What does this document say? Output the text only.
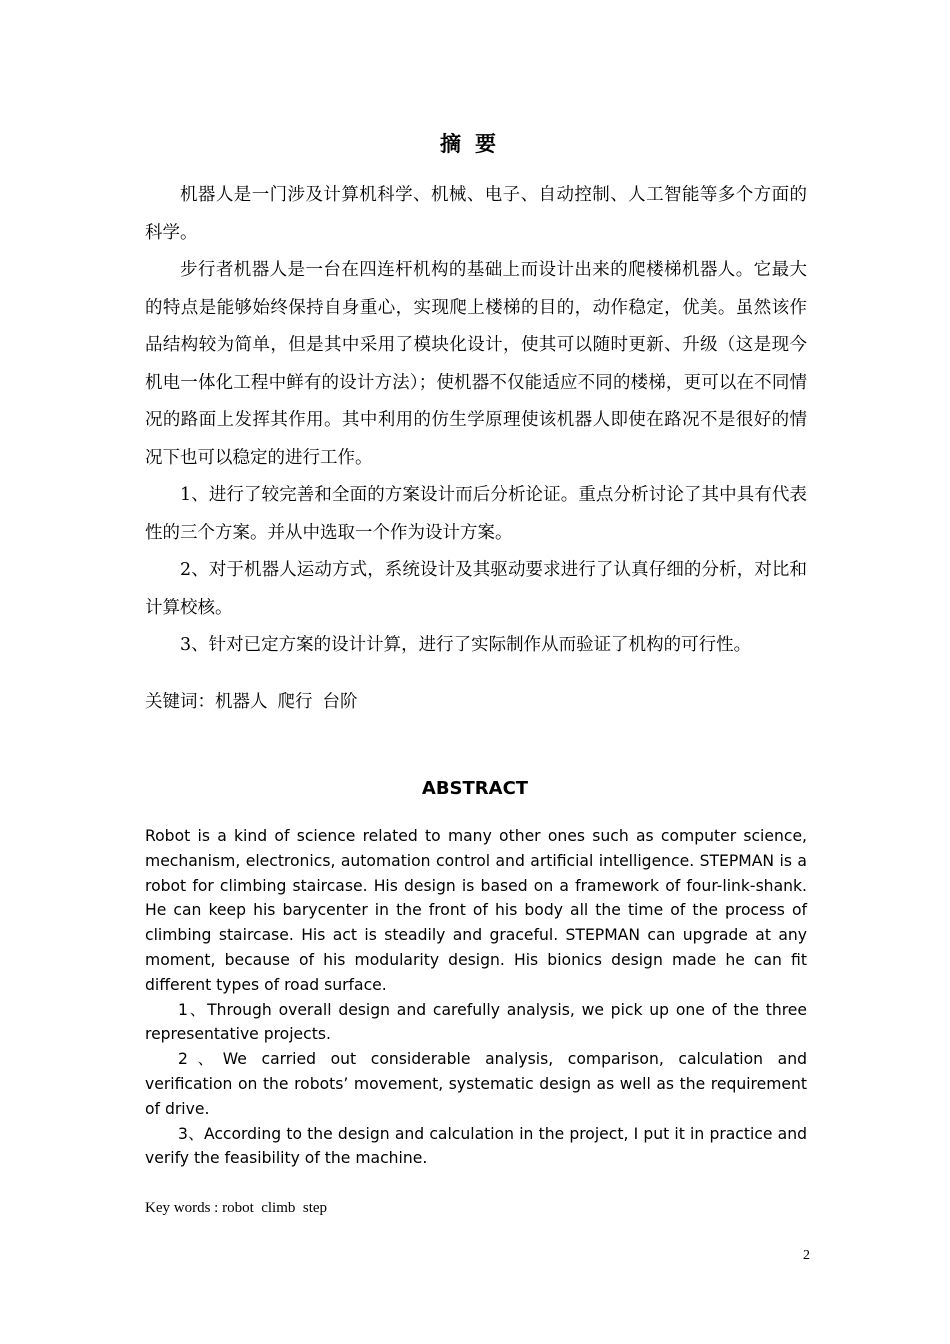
摘要

机器人是一门涉及计算机科学、机械、电子、自动控制、人工智能等多个方面的科学。

步行者机器人是一台在四连杆机构的基础上而设计出来的爬楼梯机器人。它最大的特点是能够始终保持自身重心，实现爬上楼梯的目的，动作稳定，优美。虽然该作品结构较为简单，但是其中采用了模块化设计，使其可以随时更新、升级（这是现今机电一体化工程中鲜有的设计方法）；使机器不仅能适应不同的楼梯，更可以在不同情况的路面上发挥其作用。其中利用的仿生学原理使该机器人即使在路况不是很好的情况下也可以稳定的进行工作。

1、进行了较完善和全面的方案设计而后分析论证。重点分析讨论了其中具有代表性的三个方案。并从中选取一个作为设计方案。

2、对于机器人运动方式，系统设计及其驱动要求进行了认真仔细的分析，对比和计算校核。

3、针对已定方案的设计计算，进行了实际制作从而验证了机构的可行性。

关键词：机器人 爬行 台阶
ABSTRACT

Robot is a kind of science related to many other ones such as computer science, mechanism, electronics, automation control and artificial intelligence. STEPMAN is a robot for climbing staircase. His design is based on a framework of four-link-shank. He can keep his barycenter in the front of his body all the time of the process of climbing staircase. His act is steadily and graceful. STEPMAN can upgrade at any moment, because of his modularity design. His bionics design made he can fit different types of road surface.

1、Through overall design and carefully analysis, we pick up one of the three representative projects.

2、We carried out considerable analysis, comparison, calculation and verification on the robots’ movement, systematic design as well as the requirement of drive.

3、According to the design and calculation in the project, I put it in practice and verify the feasibility of the machine.

Key words : robot  climb  step
2
